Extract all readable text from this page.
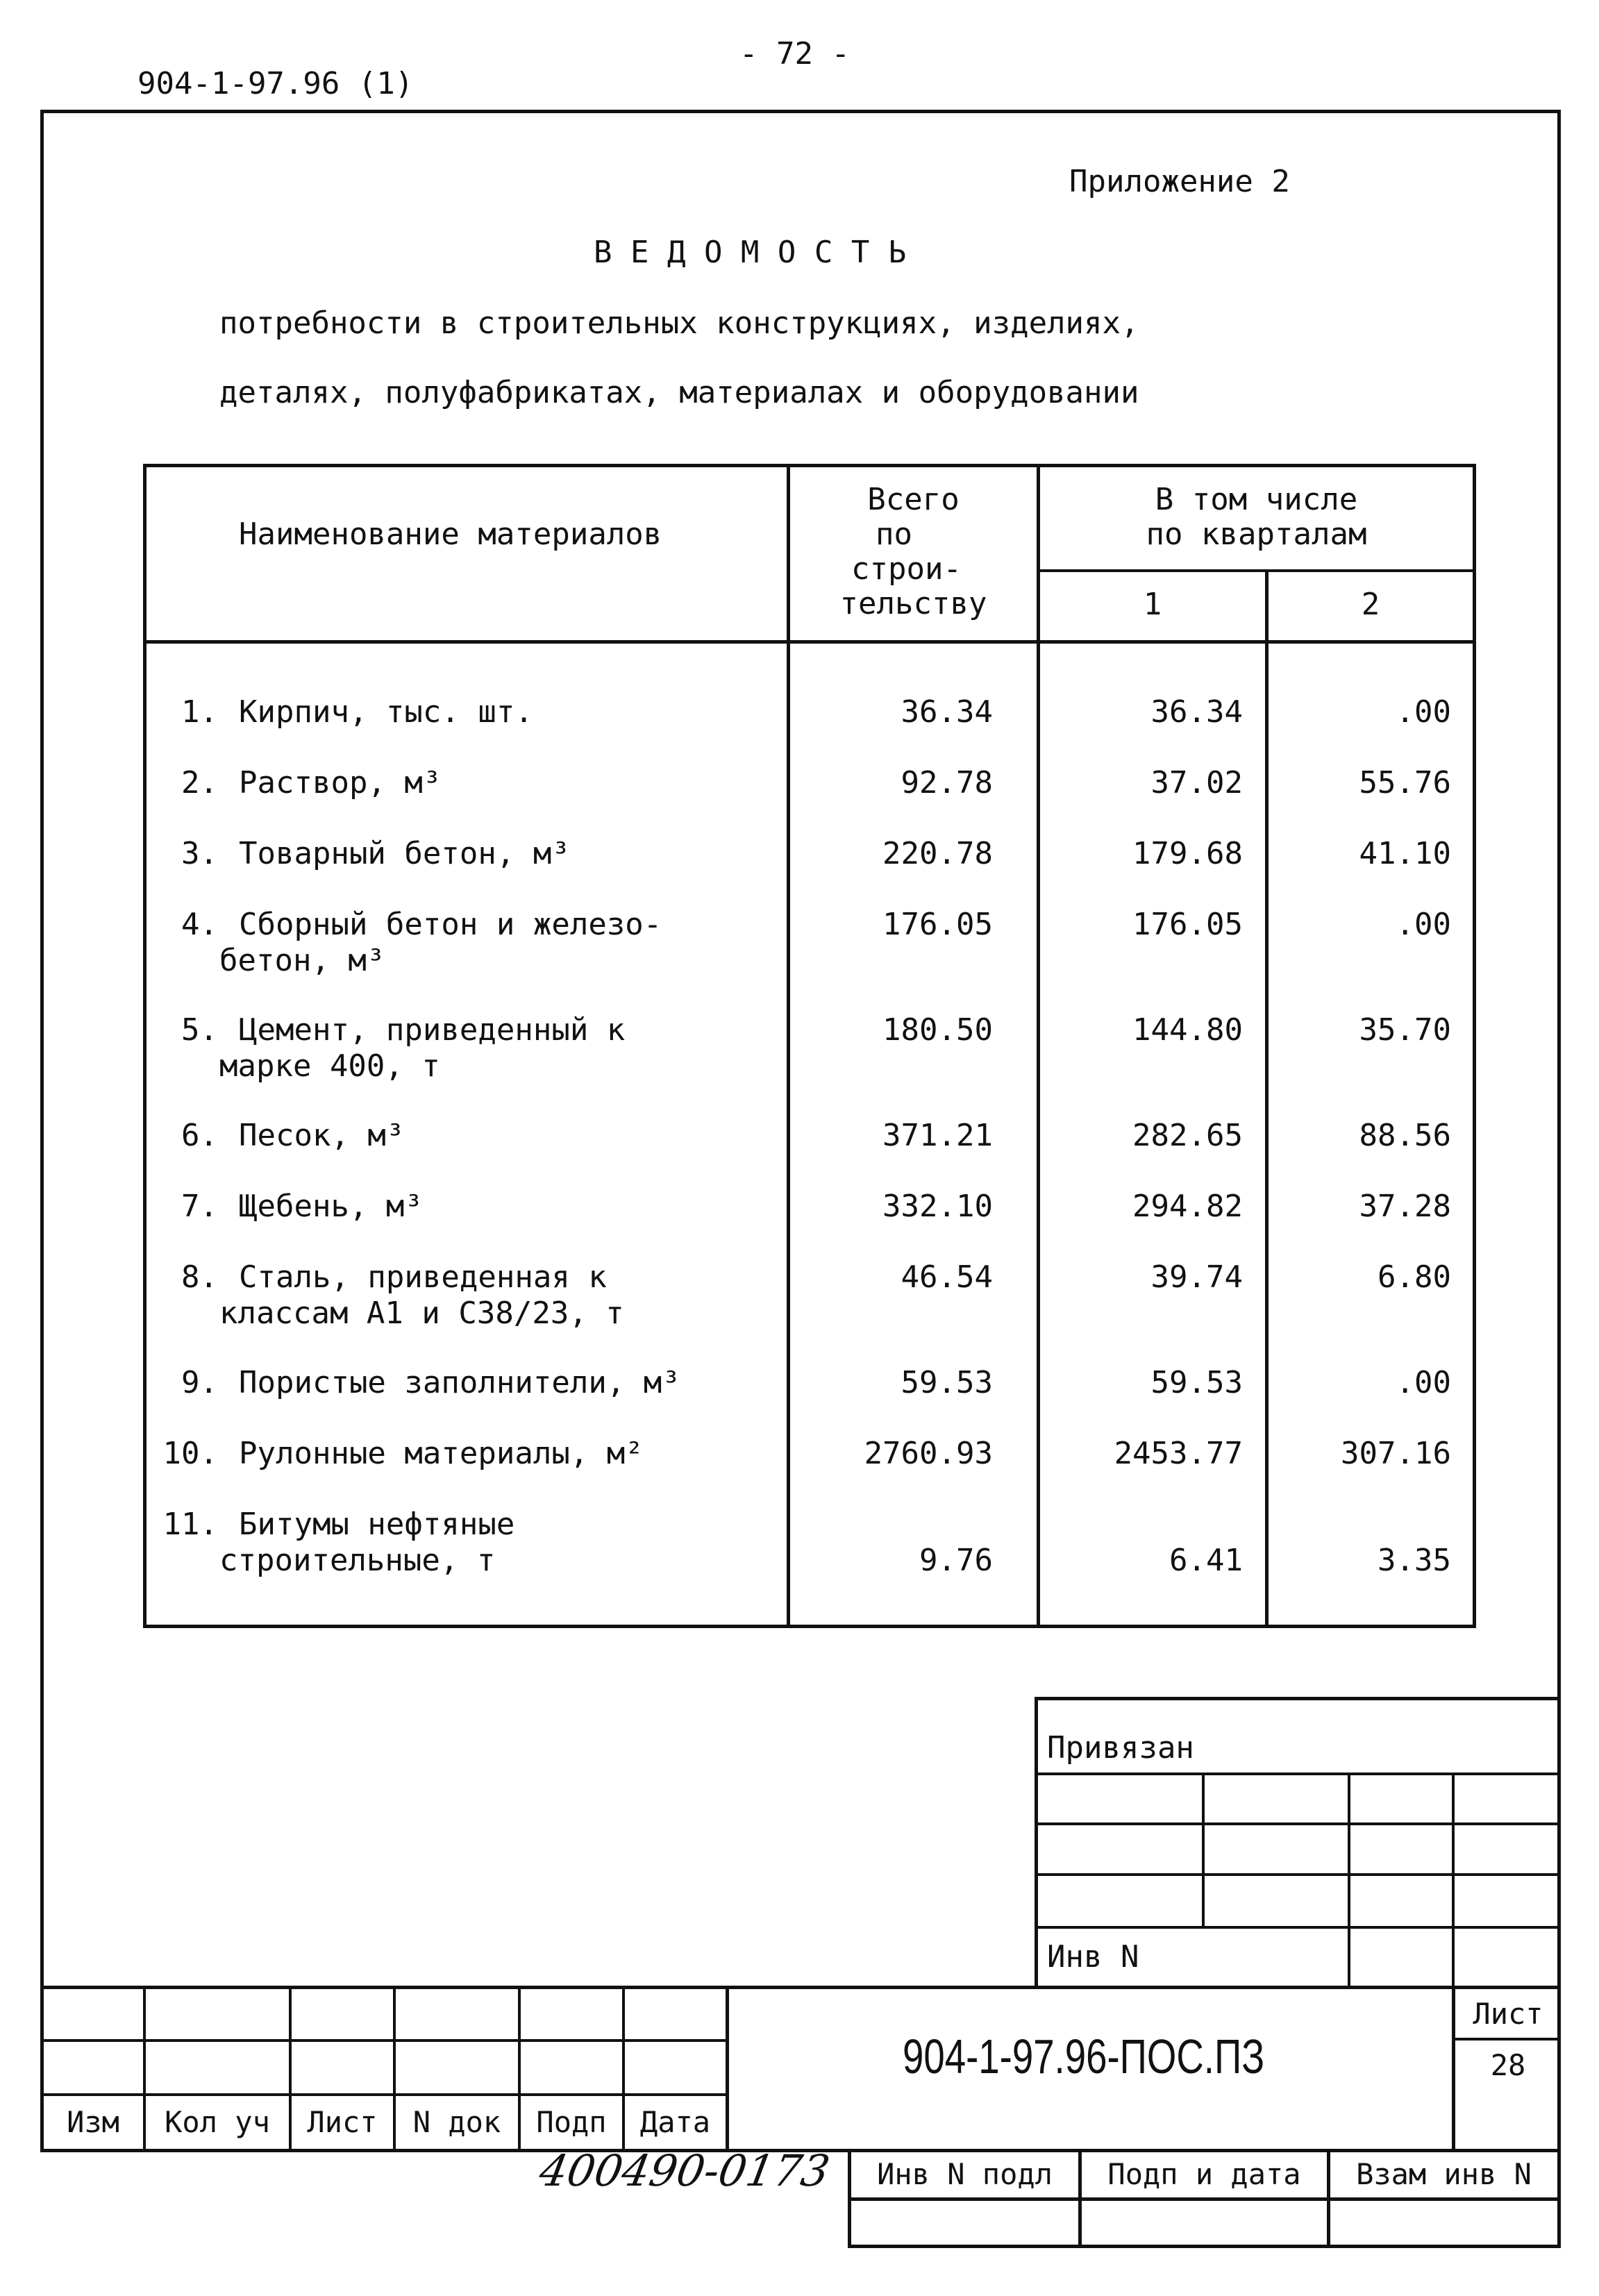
904-1-97.96 (1)
- 72 -
Приложение 2
В Е Д О М О С Т Ь
потребности в строительных конструкциях, изделиях,
деталях, полуфабрикатах, материалах и оборудовании
Наименование материалов
Всего
по
строи-
тельству
В том числе
по кварталам
1	2
1. Кирпич, тыс. шт.	36.34	36.34	.00
2. Раствор, м³	92.78	37.02	55.76
3. Товарный бетон, м³	220.78	179.68	41.10
4. Сборный бетон и железо-
бетон, м³
176.05	176.05	.00
5. Цемент, приведенный к
марке 400, т
180.50	144.80	35.70
6. Песок, м³	371.21	282.65	88.56
7. Щебень, м³	332.10	294.82	37.28
8. Сталь, приведенная к
классам А1 и С38/23, т
46.54	39.74	6.80
9. Пористые заполнители, м³	59.53	59.53	.00
10. Рулонные материалы, м²	2760.93	2453.77	307.16
11. Битумы нефтяные
строительные, т	9.76	6.41	3.35
Привязан
Инв N
Изм	Кол уч	Лист	N док	Подп	Дата
904-1-97.96-ПОС.ПЗ
Лист
28
Инв N подл	Подп и дата	Взам инв N
400490-01
73
